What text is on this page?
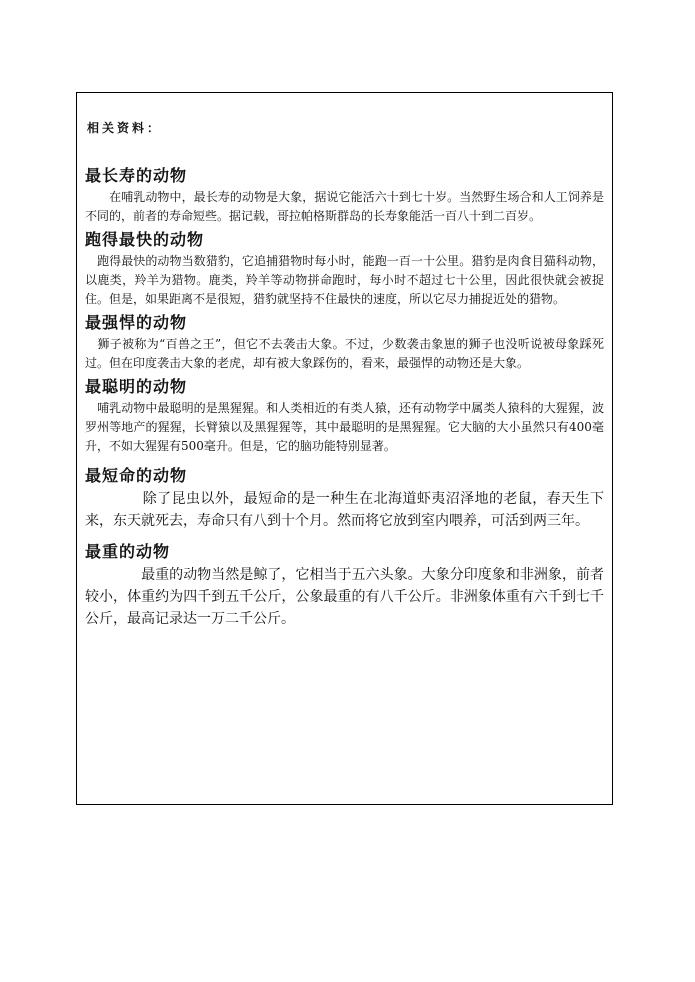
相关资料：
最长寿的动物

　　在哺乳动物中，最长寿的动物是大象，据说它能活六十到七十岁。当然野生场合和人工饲养是不同的，前者的寿命短些。据记载，哥拉帕格斯群岛的长寿象能活一百八十到二百岁。

跑得最快的动物

　跑得最快的动物当数猎豹，它追捕猎物时每小时，能跑一百一十公里。猎豹是肉食目猫科动物，以鹿类，羚羊为猎物。鹿类，羚羊等动物拼命跑时，每小时不超过七十公里，因此很快就会被捉住。但是，如果距离不是很短，猎豹就坚持不住最快的速度，所以它尽力捕捉近处的猎物。

最强悍的动物

　狮子被称为“百兽之王”，但它不去袭击大象。不过，少数袭击象崽的狮子也没听说被母象踩死过。但在印度袭击大象的老虎，却有被大象踩伤的，看来，最强悍的动物还是大象。

最聪明的动物

　哺乳动物中最聪明的是黑猩猩。和人类相近的有类人猿，还有动物学中属类人猿科的大猩猩，波罗州等地产的猩猩，长臂猿以及黑猩猩等，其中最聪明的是黑猩猩。它大脑的大小虽然只有400毫升，不如大猩猩有500毫升。但是，它的脑功能特别显著。

最短命的动物

　　　　除了昆虫以外，最短命的是一种生在北海道虾夷沼泽地的老鼠，春天生下来，东天就死去，寿命只有八到十个月。然而将它放到室内喂养，可活到两三年。

最重的动物

　　　　最重的动物当然是鲸了，它相当于五六头象。大象分印度象和非洲象，前者较小，体重约为四千到五千公斤，公象最重的有八千公斤。非洲象体重有六千到七千公斤，最高记录达一万二千公斤。
